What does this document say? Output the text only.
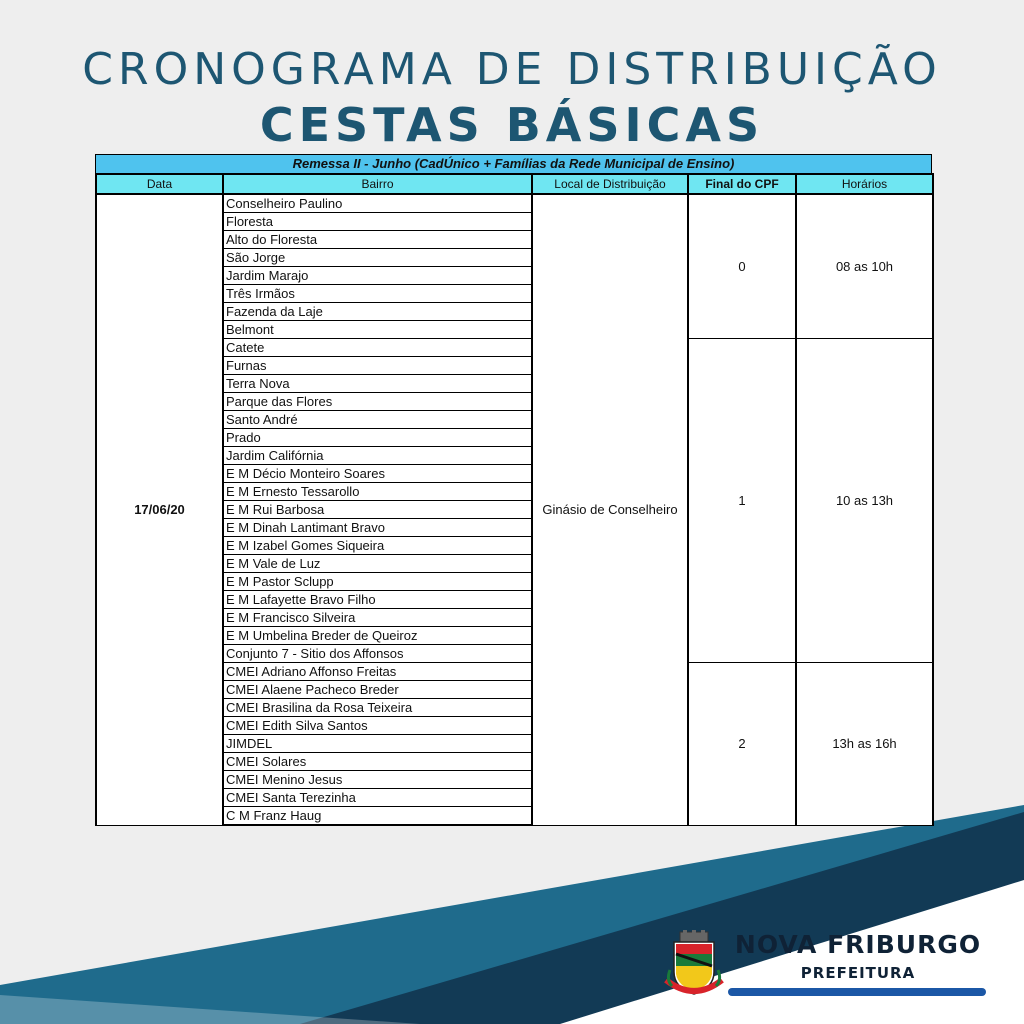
CRONOGRAMA DE DISTRIBUIÇÃO
CESTAS BÁSICAS
Remessa II - Junho (CadÚnico + Famílias da Rede Municipal de Ensino)
Data	Bairro	Local de Distribuição	Final do CPF	Horários
17/06/20	Conselheiro Paulino	Ginásio de Conselheiro	0	08 as 10h
	Floresta			
	Alto do Floresta			
	São Jorge			
	Jardim Marajo			
	Três Irmãos			
	Fazenda da Laje			
	Belmont			
	Catete		1	10 as 13h
	Furnas			
	Terra Nova			
	Parque das Flores			
	Santo André			
	Prado			
	Jardim Califórnia			
	E M Décio Monteiro Soares			
	E M Ernesto Tessarollo			
	E M Rui Barbosa			
	E M Dinah Lantimant Bravo			
	E M Izabel Gomes Siqueira			
	E M Vale de Luz			
	E M Pastor Sclupp			
	E M Lafayette Bravo Filho			
	E M Francisco Silveira			
	E M Umbelina Breder de Queiroz			
	Conjunto 7 - Sitio dos Affonsos			
	CMEI Adriano Affonso Freitas		2	13h as 16h
	CMEI Alaene Pacheco Breder			
	CMEI Brasilina da Rosa Teixeira			
	CMEI Edith Silva Santos			
	JIMDEL			
	CMEI Solares			
	CMEI Menino Jesus			
	CMEI Santa Terezinha			
	C M Franz Haug			
NOVA FRIBURGO
PREFEITURA
